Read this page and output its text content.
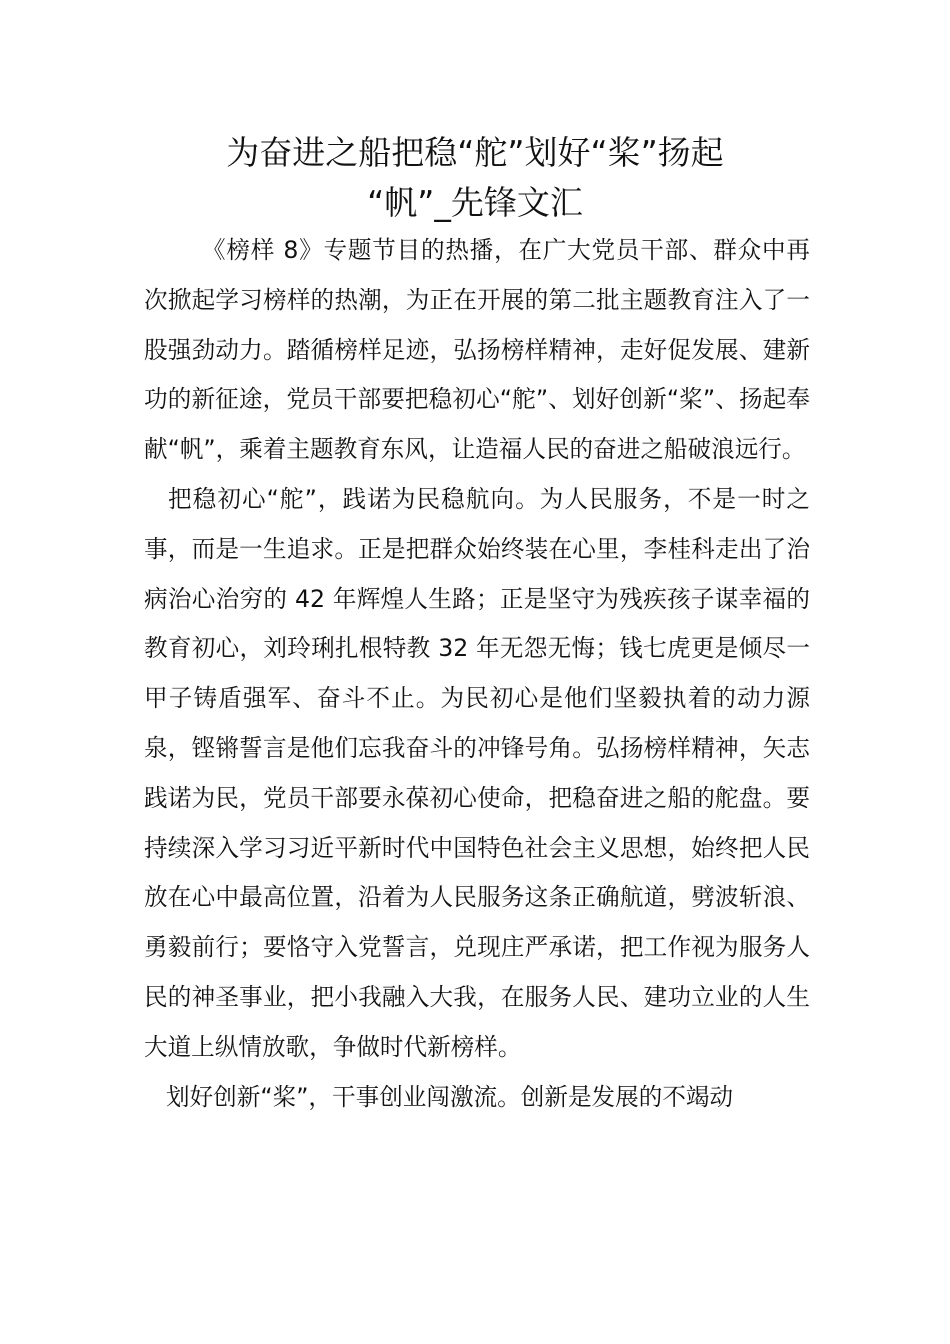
为奋进之船把稳“舵”划好“桨”扬起
“帆”_先锋文汇

《榜样 8》专题节目的热播，在广大党员干部、群众中再次掀起学习榜样的热潮，为正在开展的第二批主题教育注入了一股强劲动力。踏循榜样足迹，弘扬榜样精神，走好促发展、建新功的新征途，党员干部要把稳初心“舵”、划好创新“桨”、扬起奉献“帆”，乘着主题教育东风，让造福人民的奋进之船破浪远行。

把稳初心“舵”，践诺为民稳航向。为人民服务，不是一时之事，而是一生追求。正是把群众始终装在心里，李桂科走出了治病治心治穷的 42 年辉煌人生路；正是坚守为残疾孩子谋幸福的教育初心，刘玲琍扎根特教 32 年无怨无悔；钱七虎更是倾尽一甲子铸盾强军、奋斗不止。为民初心是他们坚毅执着的动力源泉，铿锵誓言是他们忘我奋斗的冲锋号角。弘扬榜样精神，矢志践诺为民，党员干部要永葆初心使命，把稳奋进之船的舵盘。要持续深入学习习近平新时代中国特色社会主义思想，始终把人民放在心中最高位置，沿着为人民服务这条正确航道，劈波斩浪、勇毅前行；要恪守入党誓言，兑现庄严承诺，把工作视为服务人民的神圣事业，把小我融入大我，在服务人民、建功立业的人生大道上纵情放歌，争做时代新榜样。

划好创新“桨”，干事创业闯激流。创新是发展的不竭动
